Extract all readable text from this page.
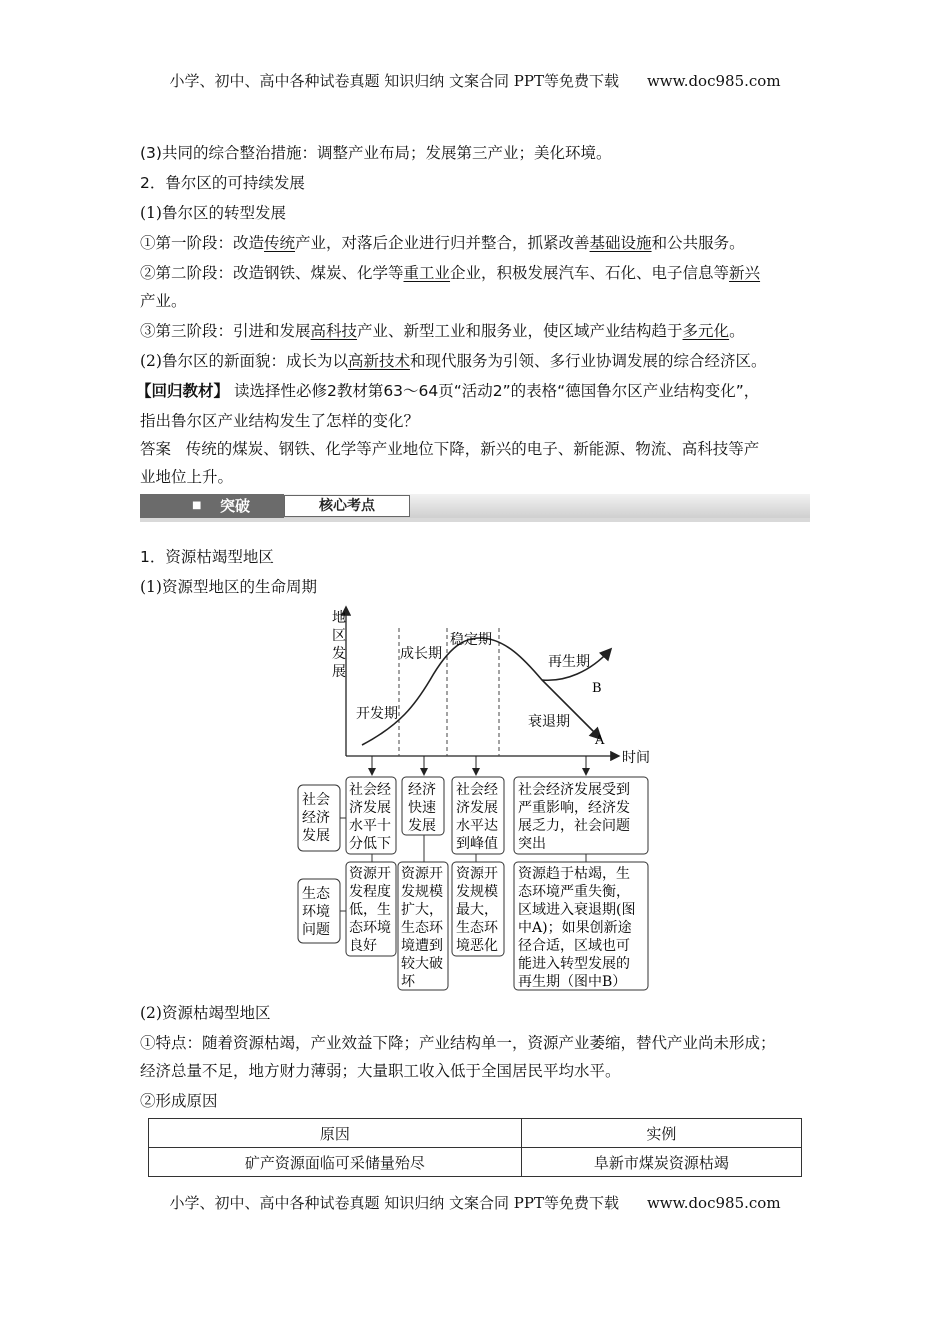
小学、初中、高中各种试卷真题 知识归纳 文案合同 PPT等免费下载 www.doc985.com
(3)共同的综合整治措施：调整产业布局；发展第三产业；美化环境。
2．鲁尔区的可持续发展
(1)鲁尔区的转型发展
①第一阶段：改造传统产业，对落后企业进行归并整合，抓紧改善基础设施和公共服务。
②第二阶段：改造钢铁、煤炭、化学等重工业企业，积极发展汽车、石化、电子信息等新兴
产业。
③第三阶段：引进和发展高科技产业、新型工业和服务业，使区域产业结构趋于多元化。
(2)鲁尔区的新面貌：成长为以高新技术和现代服务为引领、多行业协调发展的综合经济区。
【回归教材】 读选择性必修2教材第63～64页“活动2”的表格“德国鲁尔区产业结构变化”，
指出鲁尔区产业结构发生了怎样的变化？
答案 传统的煤炭、钢铁、化学等产业地位下降，新兴的电子、新能源、物流、高科技等产
业地位上升。
■ 突破	核心考点
1．资源枯竭型地区
(1)资源型地区的生命周期
地
区
发
展
时间
开发期
成长期
稳定期
再生期
衰退期
B
A
社会
经济
发展
生态
环境
问题
社会经
济发展
水平十
分低下
经济
快速
发展
社会经
济发展
水平达
到峰值
社会经济发展受到
严重影响，经济发
展乏力，社会问题
突出
资源开
发程度
低，生
态环境
良好
资源开
发规模
扩大，
生态环
境遭到
较大破
坏
资源开
发规模
最大，
生态环
境恶化
资源趋于枯竭，生
态环境严重失衡，
区域进入衰退期(图
中A)；如果创新途
径合适，区域也可
能进入转型发展的
再生期（图中B）
(2)资源枯竭型地区
①特点：随着资源枯竭，产业效益下降；产业结构单一，资源产业萎缩，替代产业尚未形成；
经济总量不足，地方财力薄弱；大量职工收入低于全国居民平均水平。
②形成原因
原因	实例
矿产资源面临可采储量殆尽	阜新市煤炭资源枯竭
小学、初中、高中各种试卷真题 知识归纳 文案合同 PPT等免费下载 www.doc985.com
